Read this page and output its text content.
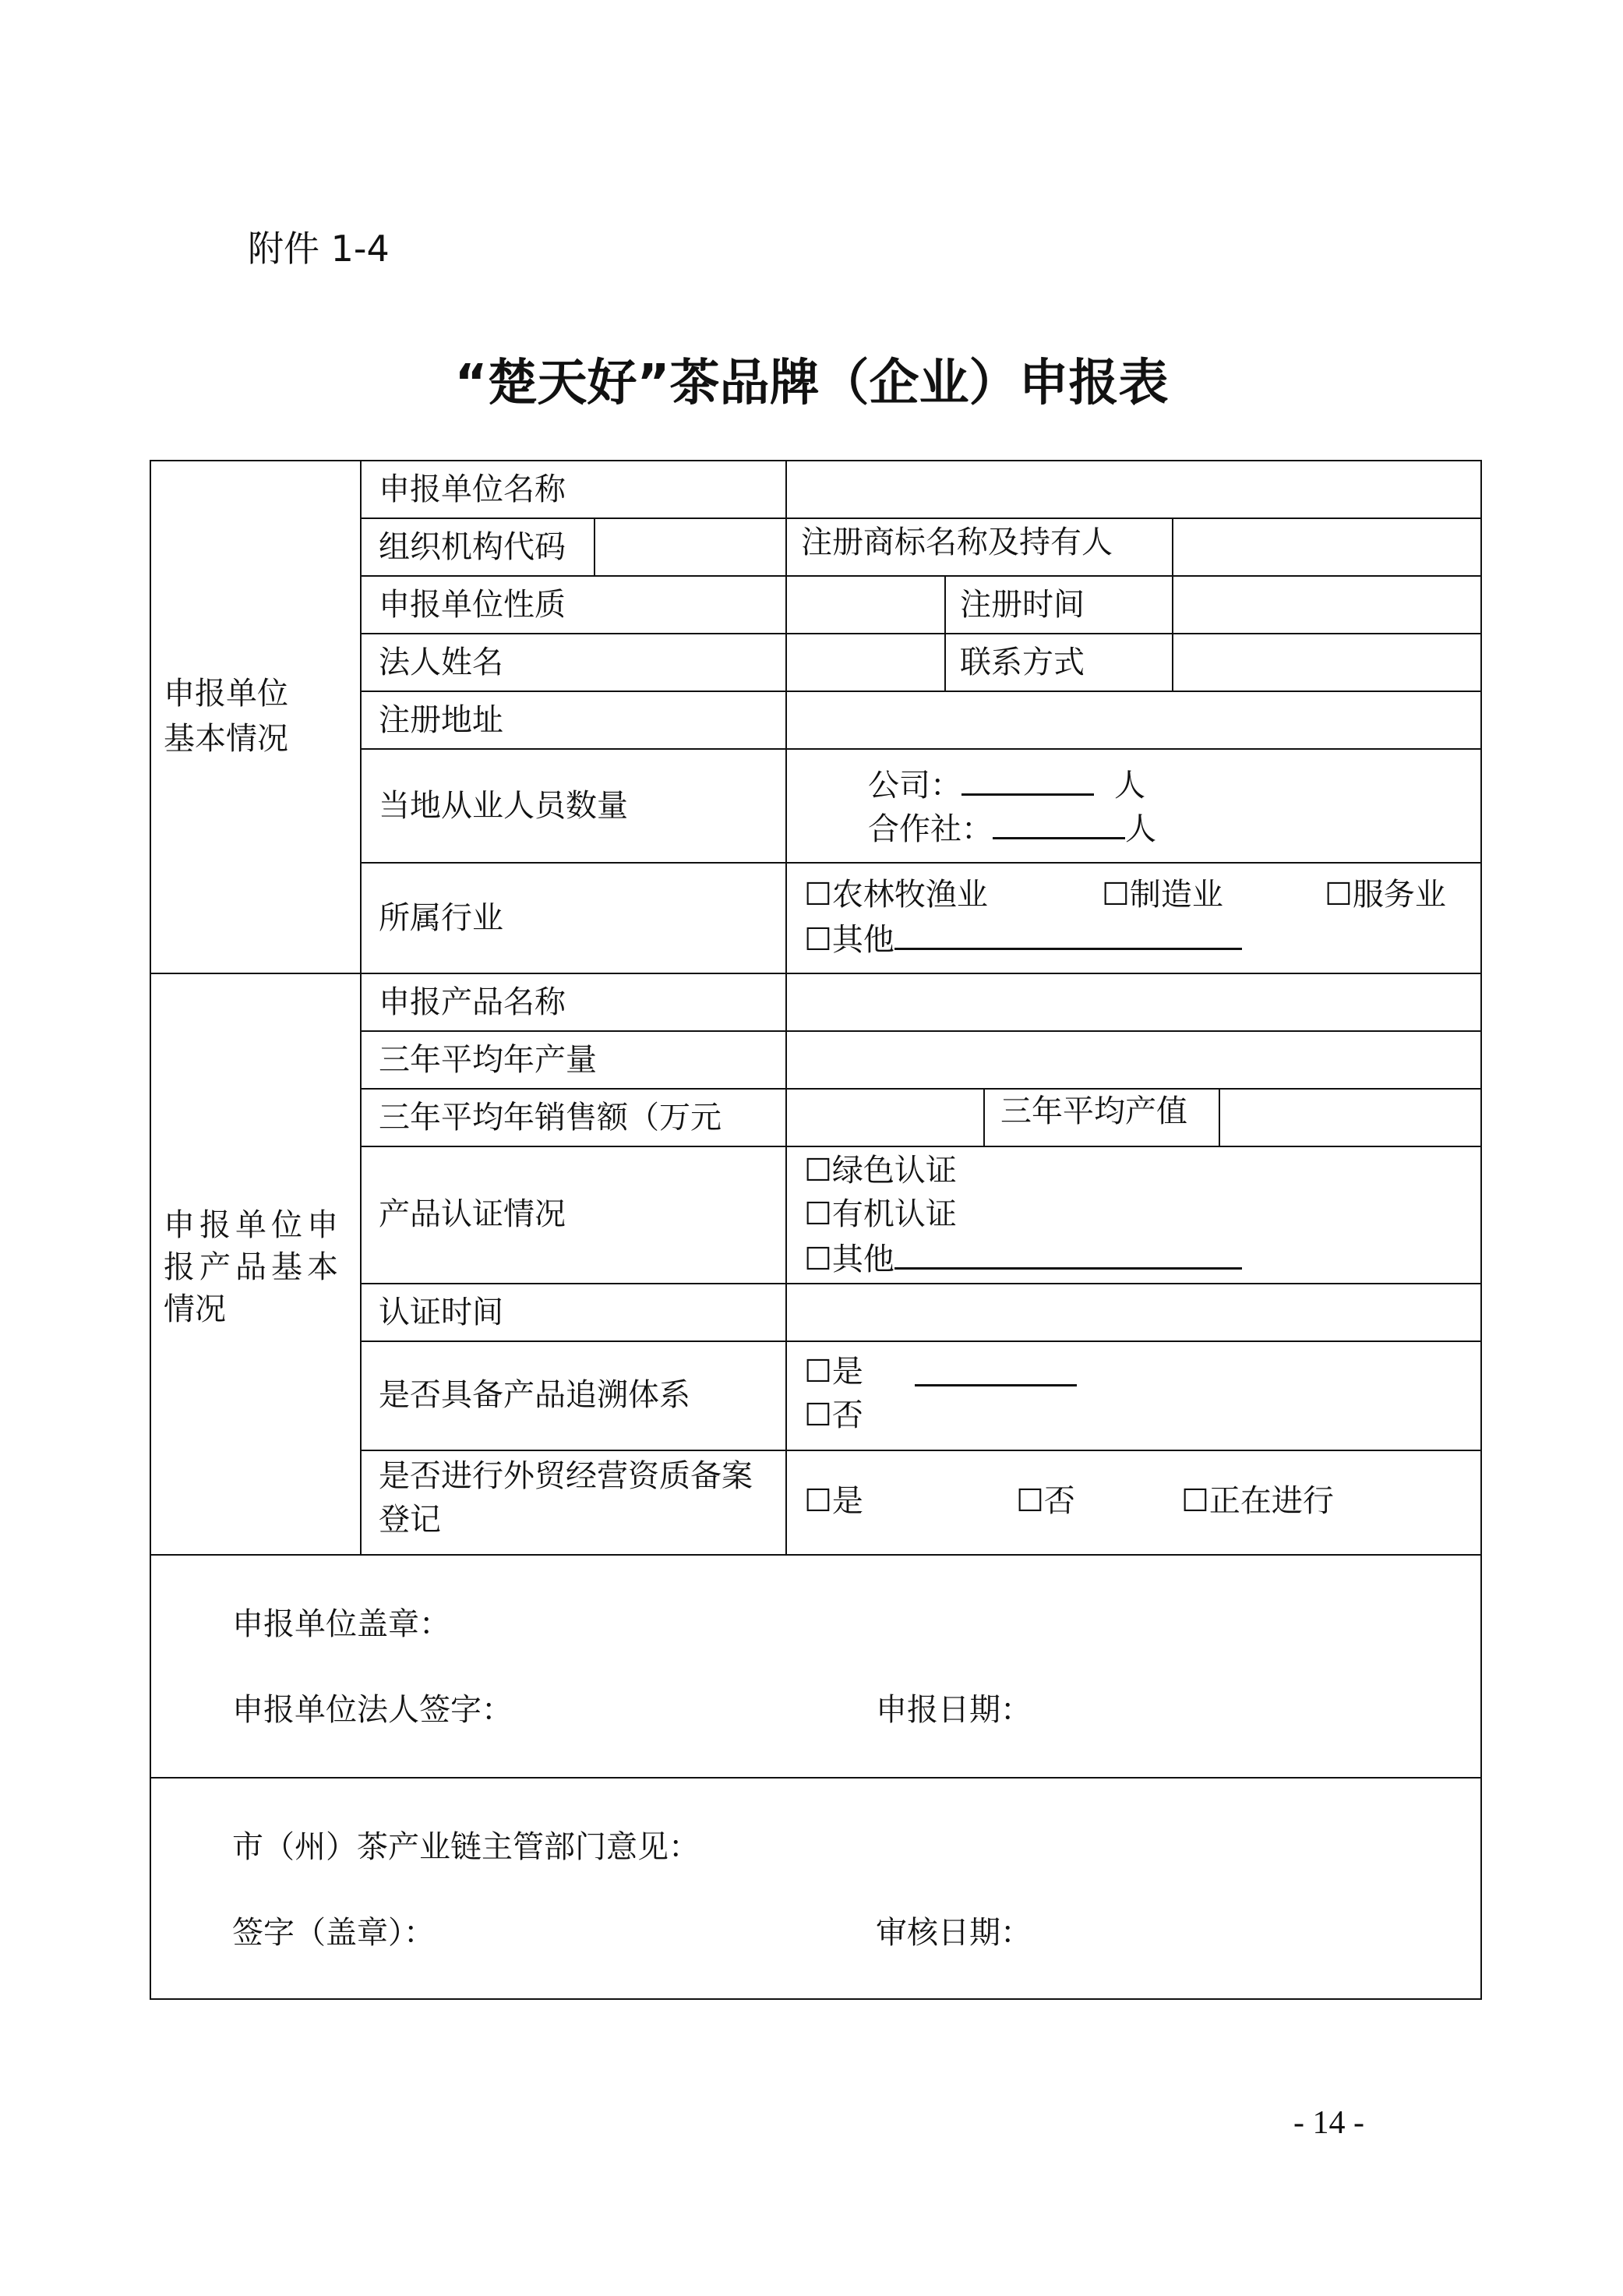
附件 1-4
“楚天好”茶品牌（企业）申报表
申报单位
基本情况
申报单位名称
组织机构代码	注册商标名称及持有人
申报单位性质	注册时间
法人姓名	联系方式
注册地址
当地从业人员数量
公司：	人
合作社：	人
所属行业
☐农林牧渔业	☐制造业	☐服务业
☐其他
申报单位申
报产品基本
情况
申报产品名称
三年平均年产量
三年平均年销售额（万元	三年平均产值
产品认证情况
☐绿色认证
☐有机认证
☐其他
认证时间
是否具备产品追溯体系
☐是
☐否
是否进行外贸经营资质备案
登记
☐是	☐否	☐正在进行
申报单位盖章：
申报单位法人签字：	申报日期：
市（州）茶产业链主管部门意见：
签字（盖章）：	审核日期：
- 14 -
